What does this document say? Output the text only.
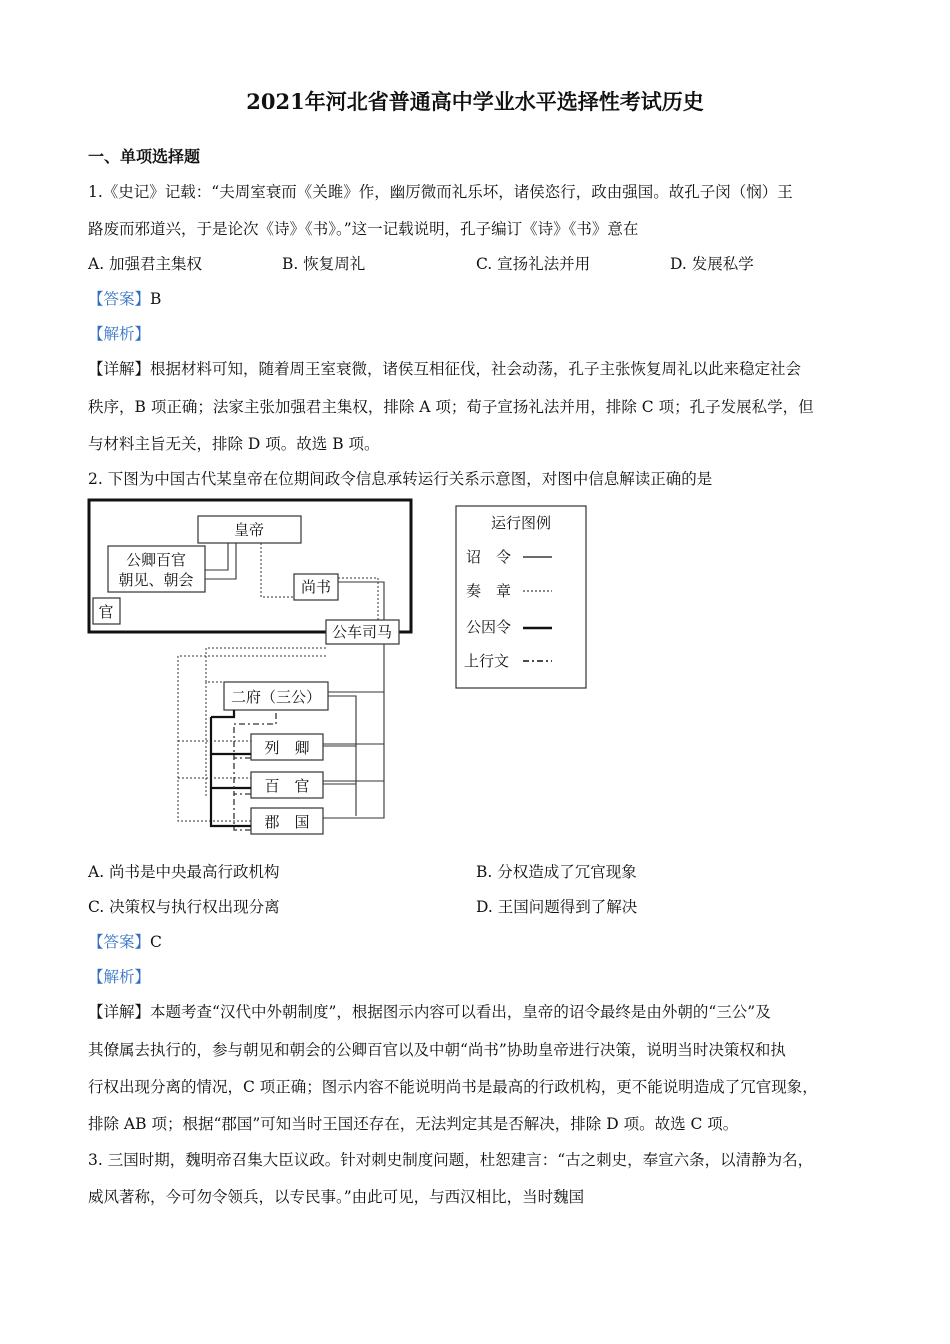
2021年河北省普通高中学业水平选择性考试历史
一、单项选择题
1.《史记》记载：“夫周室衰而《关雎》作，幽厉微而礼乐坏，诸侯恣行，政由强国。故孔子闵（悯）王
路废而邪道兴，于是论次《诗》《书》。”这一记载说明，孔子编订《诗》《书》意在
A. 加强君主集权	B. 恢复周礼	C. 宣扬礼法并用	D. 发展私学
【答案】B
【解析】
【详解】根据材料可知，随着周王室衰微，诸侯互相征伐，社会动荡，孔子主张恢复周礼以此来稳定社会
秩序，B 项正确；法家主张加强君主集权，排除 A 项；荀子宣扬礼法并用，排除 C 项；孔子发展私学，但
与材料主旨无关，排除 D 项。故选 B 项。
2. 下图为中国古代某皇帝在位期间政令信息承转运行关系示意图，对图中信息解读正确的是
皇帝
公卿百官
朝见、朝会
官
尚书
公车司马
二府（三公）
列　卿
百　官
郡　国
运行图例
诏　令
奏　章
公因令
上行文
A. 尚书是中央最高行政机构	B. 分权造成了冗官现象
C. 决策权与执行权出现分离	D. 王国问题得到了解决
【答案】C
【解析】
【详解】本题考查“汉代中外朝制度”，根据图示内容可以看出，皇帝的诏令最终是由外朝的“三公”及
其僚属去执行的，参与朝见和朝会的公卿百官以及中朝“尚书”协助皇帝进行决策，说明当时决策权和执
行权出现分离的情况，C 项正确；图示内容不能说明尚书是最高的行政机构，更不能说明造成了冗官现象，
排除 AB 项；根据“郡国”可知当时王国还存在，无法判定其是否解决，排除 D 项。故选 C 项。
3. 三国时期，魏明帝召集大臣议政。针对刺史制度问题，杜恕建言：“古之刺史，奉宣六条，以清静为名，
威风著称，今可勿令领兵，以专民事。”由此可见，与西汉相比，当时魏国
